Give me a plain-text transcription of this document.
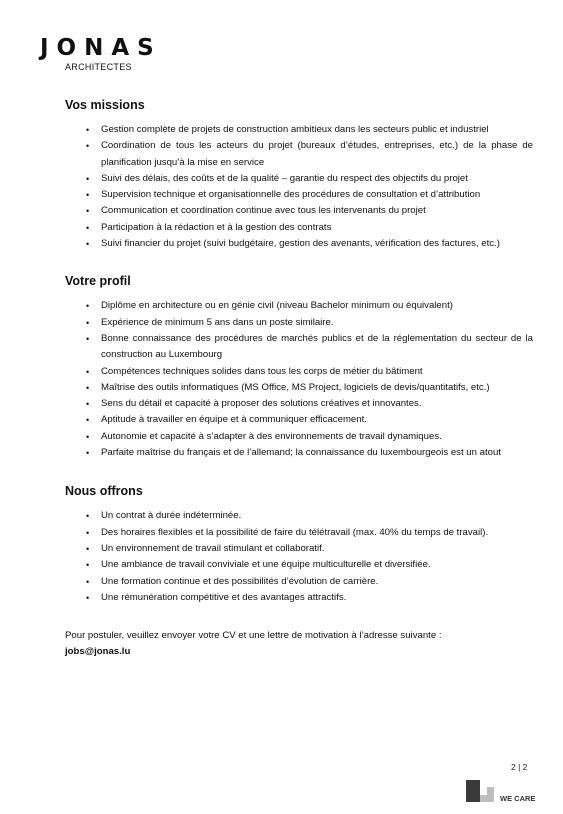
JONAS
ARCHITECTES
Vos missions
• Gestion complète de projets de construction ambitieux dans les secteurs public et industriel
• Coordination de tous les acteurs du projet (bureaux d’études, entreprises, etc.) de la phase de planification jusqu’à la mise en service
• Suivi des délais, des coûts et de la qualité – garantie du respect des objectifs du projet
• Supervision technique et organisationnelle des procédures de consultation et d’attribution
• Communication et coordination continue avec tous les intervenants du projet
• Participation à la rédaction et à la gestion des contrats
• Suivi financier du projet (suivi budgétaire, gestion des avenants, vérification des factures, etc.)
Votre profil
• Diplôme en architecture ou en génie civil (niveau Bachelor minimum ou équivalent)
• Expérience de minimum 5 ans dans un poste similaire.
• Bonne connaissance des procédures de marchés publics et de la réglementation du secteur de la construction au Luxembourg
• Compétences techniques solides dans tous les corps de métier du bâtiment
• Maîtrise des outils informatiques (MS Office, MS Project, logiciels de devis/quantitatifs, etc.)
• Sens du détail et capacité à proposer des solutions créatives et innovantes.
• Aptitude à travailler en équipe et à communiquer efficacement.
• Autonomie et capacité à s’adapter à des environnements de travail dynamiques.
• Parfaite maîtrise du français et de l’allemand; la connaissance du luxembourgeois est un atout
Nous offrons
• Un contrat à durée indéterminée.
• Des horaires flexibles et la possibilité de faire du télétravail (max. 40% du temps de travail).
• Un environnement de travail stimulant et collaboratif.
• Une ambiance de travail conviviale et une équipe multiculturelle et diversifiée.
• Une formation continue et des possibilités d’évolution de carrière.
• Une rémunération compétitive et des avantages attractifs.
Pour postuler, veuillez envoyer votre CV et une lettre de motivation à l’adresse suivante :
jobs@jonas.lu
2 | 2
WE CARE
